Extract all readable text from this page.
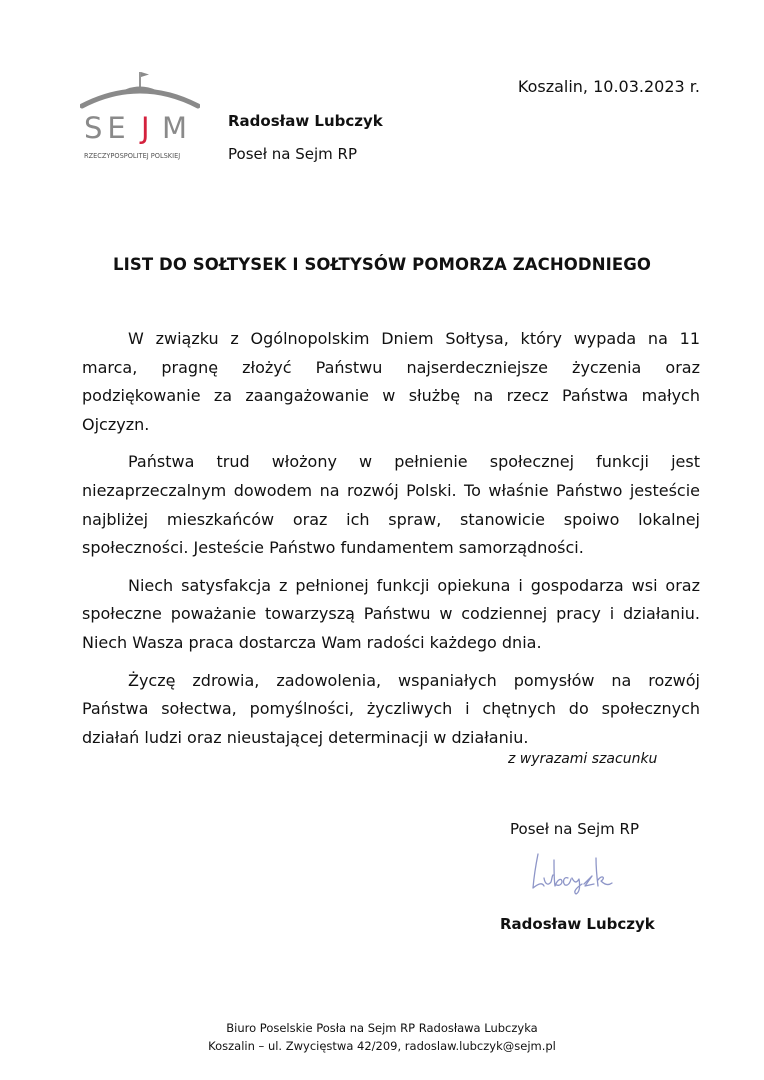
Koszalin, 10.03.2023 r.
SE J M
RZECZYPOSPOLITEJ POLSKIEJ
Radosław Lubczyk
Poseł na Sejm RP
LIST DO SOŁTYSEK I SOŁTYSÓW POMORZA ZACHODNIEGO

W związku z Ogólnopolskim Dniem Sołtysa, który wypada na 11 marca, pragnę złożyć Państwu najserdeczniejsze życzenia oraz podziękowanie za zaangażowanie w służbę na rzecz Państwa małych Ojczyzn.

Państwa trud włożony w pełnienie społecznej funkcji jest niezaprzeczalnym dowodem na rozwój Polski. To właśnie Państwo jesteście najbliżej mieszkańców oraz ich spraw, stanowicie spoiwo lokalnej społeczności. Jesteście Państwo fundamentem samorządności.

Niech satysfakcja z pełnionej funkcji opiekuna i gospodarza wsi oraz społeczne poważanie towarzyszą Państwu w codziennej pracy i działaniu. Niech Wasza praca dostarcza Wam radości każdego dnia.

Życzę zdrowia, zadowolenia, wspaniałych pomysłów na rozwój Państwa sołectwa, pomyślności, życzliwych i chętnych do społecznych działań ludzi oraz nieustającej determinacji w działaniu.

z wyrazami szacunku
Poseł na Sejm RP
Radosław Lubczyk
Biuro Poselskie Posła na Sejm RP Radosława Lubczyka
Koszalin – ul. Zwycięstwa 42/209, radoslaw.lubczyk@sejm.pl
